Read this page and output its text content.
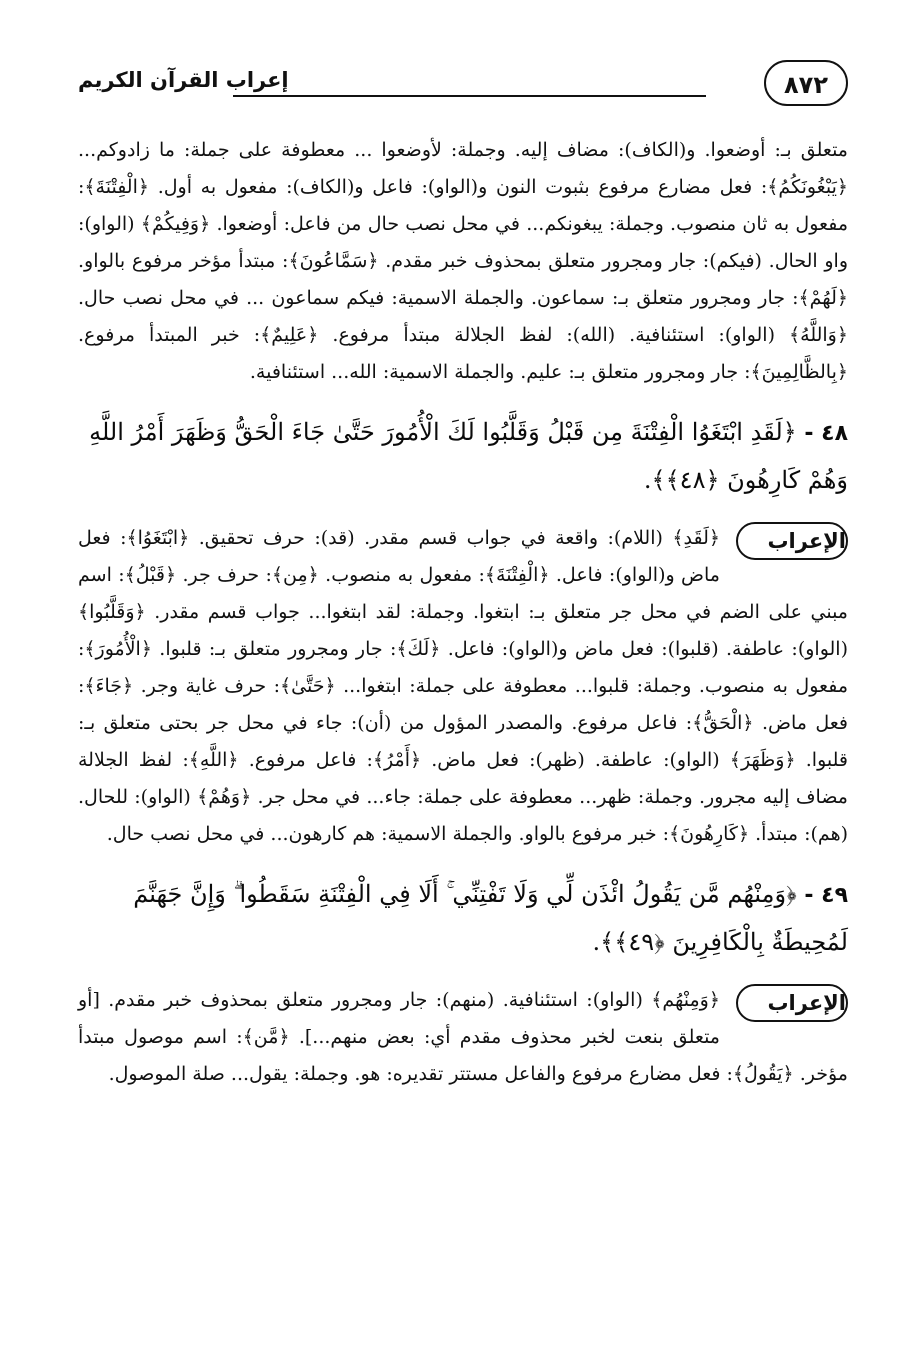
٨٧٢
إعراب القرآن الكريم

متعلق بـ: أوضعوا. و(الكاف): مضاف إليه. وجملة: لأوضعوا ... معطوفة على جملة: ما زادوكم... ﴿يَبْغُونَكُمُ﴾: فعل مضارع مرفوع بثبوت النون و(الواو): فاعل و(الكاف): مفعول به أول. ﴿الْفِتْنَةَ﴾: مفعول به ثان منصوب. وجملة: يبغونكم... في محل نصب حال من فاعل: أوضعوا. ﴿وَفِيكُمْ﴾ (الواو): واو الحال. (فيكم): جار ومجرور متعلق بمحذوف خبر مقدم. ﴿سَمَّاعُونَ﴾: مبتدأ مؤخر مرفوع بالواو. ﴿لَهُمْ﴾: جار ومجرور متعلق بـ: سماعون. والجملة الاسمية: فيكم سماعون ... في محل نصب حال. ﴿وَاللَّهُ﴾ (الواو): استئنافية. (الله): لفظ الجلالة مبتدأ مرفوع. ﴿عَلِيمٌ﴾: خبر المبتدأ مرفوع. ﴿بِالظَّالِمِينَ﴾: جار ومجرور متعلق بـ: عليم. والجملة الاسمية: الله... استئنافية.

٤٨ - ﴿لَقَدِ ابْتَغَوُا الْفِتْنَةَ مِن قَبْلُ وَقَلَّبُوا لَكَ الْأُمُورَ حَتَّىٰ جَاءَ الْحَقُّ وَظَهَرَ أَمْرُ اللَّهِ وَهُمْ كَارِهُونَ ﴿٤٨﴾﴾.
الإعراب
﴿لَقَدِ﴾ (اللام): واقعة في جواب قسم مقدر. (قد): حرف تحقيق. ﴿ابْتَغَوُا﴾: فعل ماض و(الواو): فاعل. ﴿الْفِتْنَةَ﴾: مفعول به منصوب. ﴿مِن﴾: حرف جر. ﴿قَبْلُ﴾: اسم مبني على الضم في محل جر متعلق بـ: ابتغوا. وجملة: لقد ابتغوا... جواب قسم مقدر. ﴿وَقَلَّبُوا﴾ (الواو): عاطفة. (قلبوا): فعل ماض و(الواو): فاعل. ﴿لَكَ﴾: جار ومجرور متعلق بـ: قلبوا. ﴿الْأُمُورَ﴾: مفعول به منصوب. وجملة: قلبوا... معطوفة على جملة: ابتغوا... ﴿حَتَّىٰ﴾: حرف غاية وجر. ﴿جَاءَ﴾: فعل ماض. ﴿الْحَقُّ﴾: فاعل مرفوع. والمصدر المؤول من (أن): جاء في محل جر بحتى متعلق بـ: قلبوا. ﴿وَظَهَرَ﴾ (الواو): عاطفة. (ظهر): فعل ماض. ﴿أَمْرُ﴾: فاعل مرفوع. ﴿اللَّهِ﴾: لفظ الجلالة مضاف إليه مجرور. وجملة: ظهر... معطوفة على جملة: جاء... في محل جر. ﴿وَهُمْ﴾ (الواو): للحال. (هم): مبتدأ. ﴿كَارِهُونَ﴾: خبر مرفوع بالواو. والجملة الاسمية: هم كارهون... في محل نصب حال.
٤٩ - ﴿وَمِنْهُم مَّن يَقُولُ ائْذَن لِّي وَلَا تَفْتِنِّي ۚ أَلَا فِي الْفِتْنَةِ سَقَطُوا ۗ وَإِنَّ جَهَنَّمَ لَمُحِيطَةٌ بِالْكَافِرِينَ ﴿٤٩﴾﴾.
الإعراب
﴿وَمِنْهُم﴾ (الواو): استئنافية. (منهم): جار ومجرور متعلق بمحذوف خبر مقدم. [أو متعلق بنعت لخبر محذوف مقدم أي: بعض منهم...]. ﴿مَّن﴾: اسم موصول مبتدأ مؤخر. ﴿يَقُولُ﴾: فعل مضارع مرفوع والفاعل مستتر تقديره: هو. وجملة: يقول... صلة الموصول.
